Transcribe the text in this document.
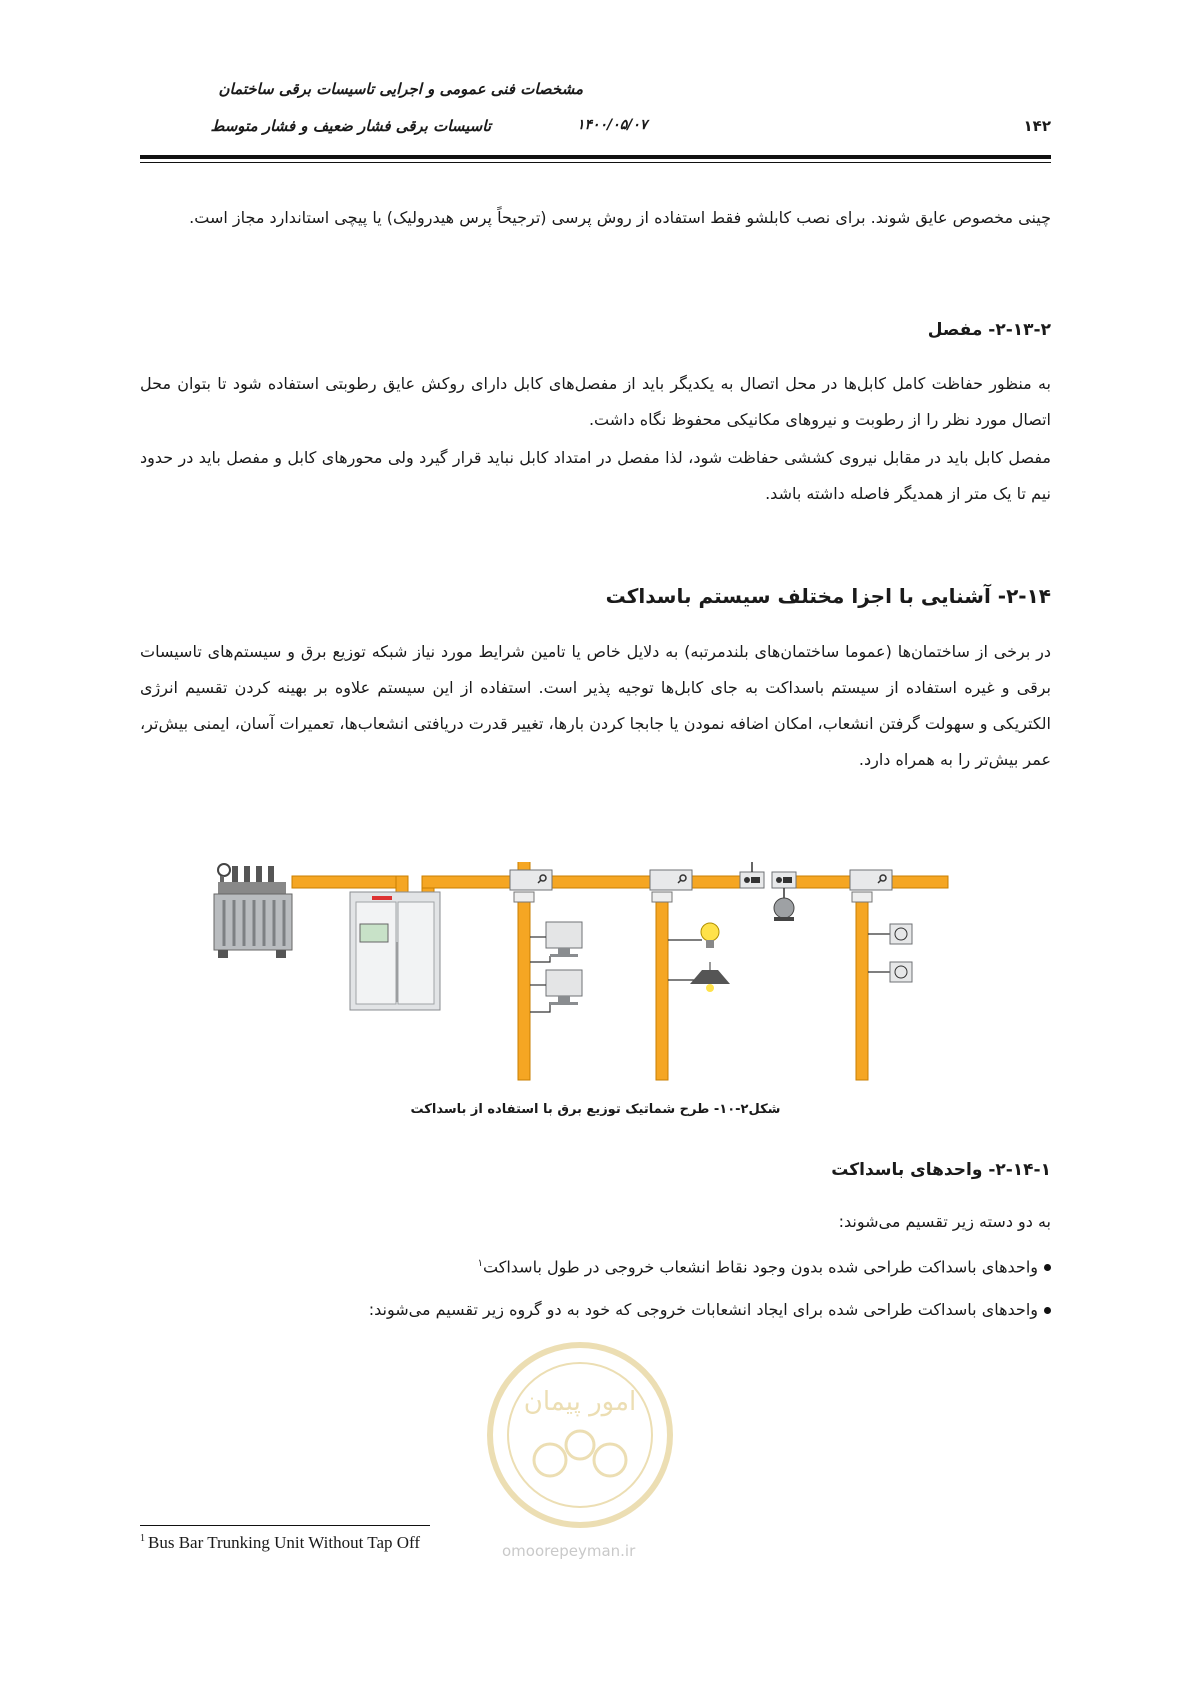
مشخصات فنی عمومی و اجرایی تاسیسات برقی ساختمان
تاسیسات برقی فشار ضعیف و فشار متوسط	۱۴۰۰/۰۵/۰۷	۱۴۲
چینی مخصوص عایق شوند. برای نصب کابلشو فقط استفاده از روش پرسی (ترجیحاً پرس هیدرولیک) یا پیچی استاندارد مجاز است.
۲-۱۳-۲- مفصل
به منظور حفاظت کامل کابل‌ها در محل اتصال به یکدیگر باید از مفصل‌های کابل دارای روکش عایق رطوبتی استفاده شود تا بتوان محل اتصال مورد نظر را از رطوبت و نیروهای مکانیکی محفوظ نگاه داشت.
مفصل کابل باید در مقابل نیروی کششی حفاظت شود، لذا مفصل در امتداد کابل نباید قرار گیرد ولی محورهای کابل و مفصل باید در حدود نیم تا یک متر از همدیگر فاصله داشته باشد.
۲-۱۴- آشنایی با اجزا مختلف سیستم باسداکت
در برخی از ساختمان‌ها (عموما ساختمان‌های بلندمرتبه) به دلایل خاص یا تامین شرایط مورد نیاز شبکه توزیع برق و سیستم‌های تاسیسات برقی و غیره استفاده از سیستم باسداکت به جای کابل‌ها توجیه پذیر است. استفاده از این سیستم علاوه بر بهینه کردن تقسیم انرژی الکتریکی و سهولت گرفتن انشعاب، امکان اضافه نمودن یا جابجا کردن بارها، تغییر قدرت دریافتی انشعاب‌ها، تعمیرات آسان، ایمنی بیش‌تر، عمر بیش‌تر را به همراه دارد.
شکل۲-۱۰- طرح شماتیک توزیع برق با استفاده از باسداکت
۲-۱۴-۱- واحدهای باسداکت
به دو دسته زیر تقسیم می‌شوند:
واحدهای باسداکت طراحی شده بدون وجود نقاط انشعاب خروجی در طول باسداکت$^۱$
واحدهای باسداکت طراحی شده برای ایجاد انشعابات خروجی که خود به دو گروه زیر تقسیم می‌شوند:
امور پیمان
omoorepeyman.ir
$^1$ Bus Bar Trunking Unit Without Tap Off
